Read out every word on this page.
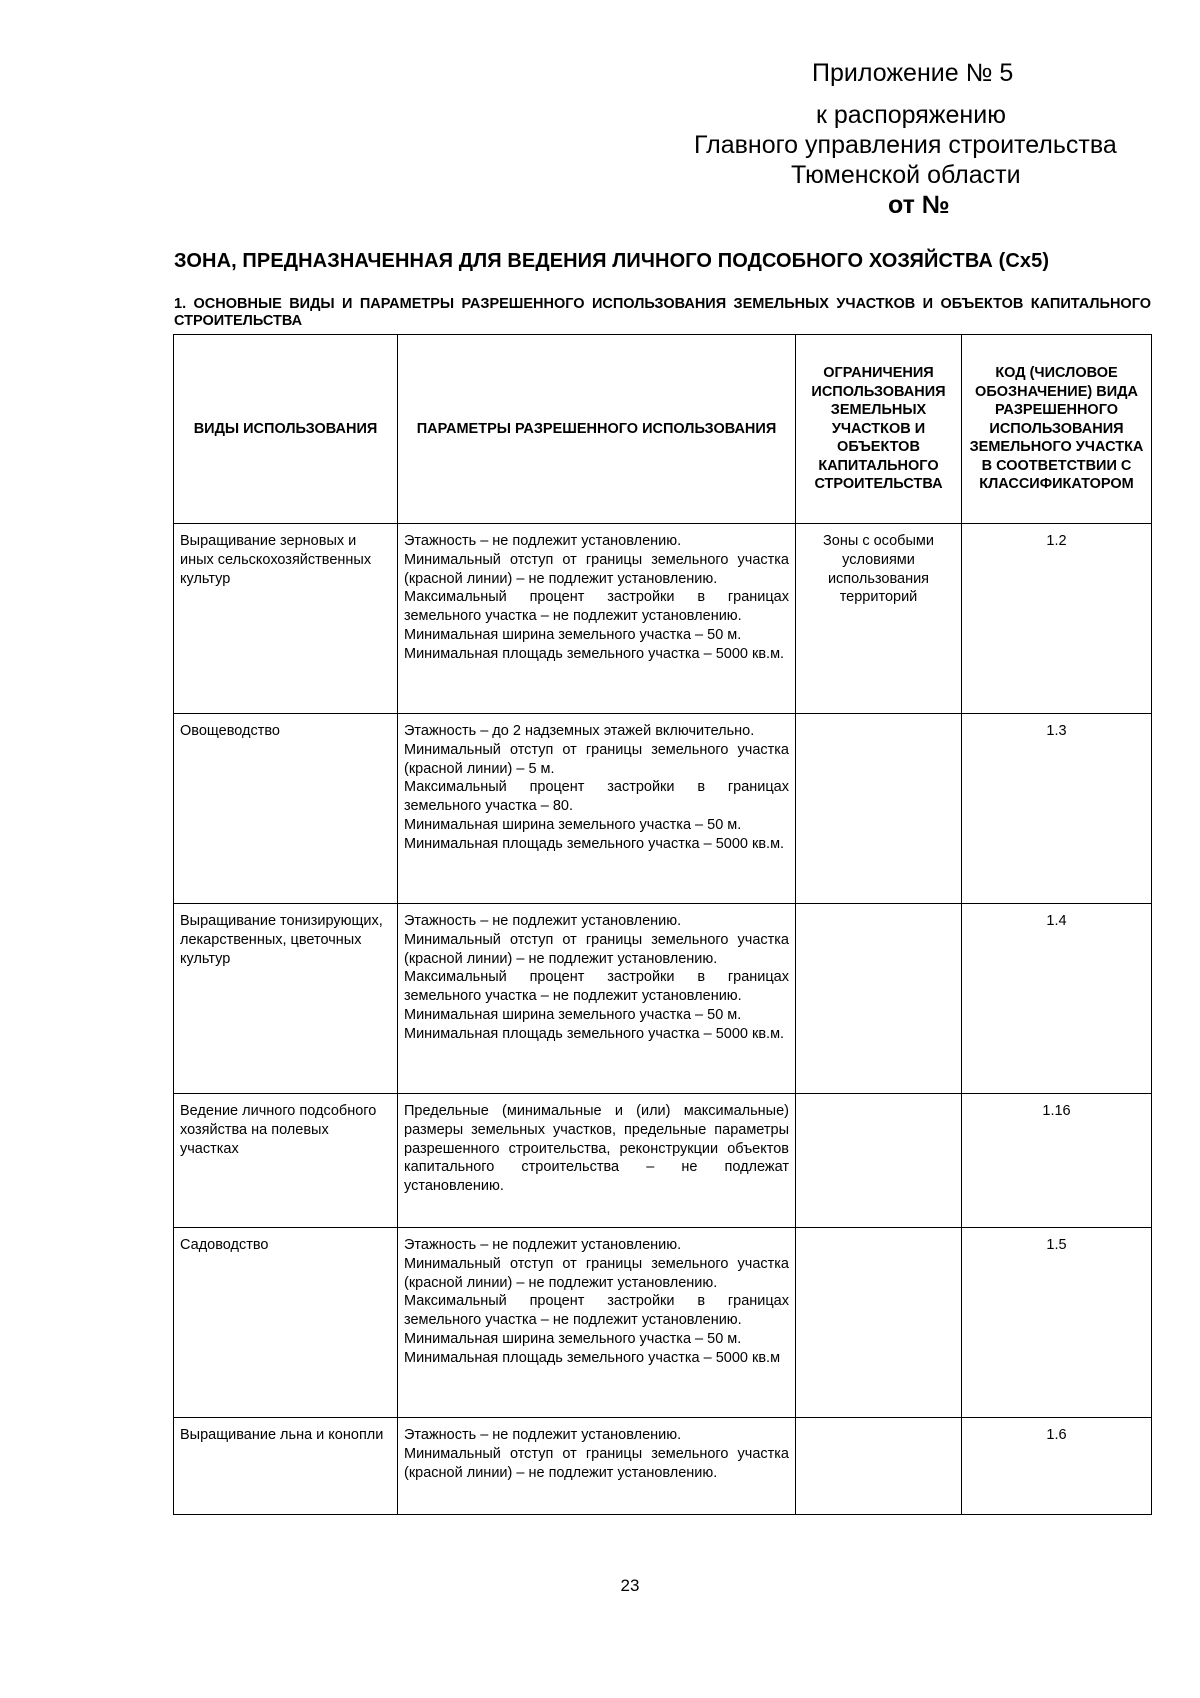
Приложение № 5
к распоряжению
Главного управления строительства
Тюменской области
от №
ЗОНА, ПРЕДНАЗНАЧЕННАЯ ДЛЯ ВЕДЕНИЯ ЛИЧНОГО ПОДСОБНОГО ХОЗЯЙСТВА (Сх5)
1. ОСНОВНЫЕ ВИДЫ И ПАРАМЕТРЫ РАЗРЕШЕННОГО ИСПОЛЬЗОВАНИЯ ЗЕМЕЛЬНЫХ УЧАСТКОВ И ОБЪЕКТОВ КАПИТАЛЬНОГО СТРОИТЕЛЬСТВА
ВИДЫ ИСПОЛЬЗОВАНИЯ	ПАРАМЕТРЫ РАЗРЕШЕННОГО ИСПОЛЬЗОВАНИЯ	ОГРАНИЧЕНИЯ ИСПОЛЬЗОВАНИЯ ЗЕМЕЛЬНЫХ УЧАСТКОВ И ОБЪЕКТОВ КАПИТАЛЬНОГО СТРОИТЕЛЬСТВА	КОД (ЧИСЛОВОЕ ОБОЗНАЧЕНИЕ) ВИДА РАЗРЕШЕННОГО ИСПОЛЬЗОВАНИЯ ЗЕМЕЛЬНОГО УЧАСТКА В СООТВЕТСТВИИ С КЛАССИФИКАТОРОМ
Выращивание зерновых и иных сельскохозяйственных культур	Этажность – не подлежит установлению.
Минимальный отступ от границы земельного участка (красной линии) – не подлежит установлению.
Максимальный процент застройки в границах земельного участка – не подлежит установлению.
Минимальная ширина земельного участка – 50 м.
Минимальная площадь земельного участка – 5000 кв.м.	Зоны с особыми условиями использования территорий	1.2
Овощеводство	Этажность – до 2 надземных этажей включительно.
Минимальный отступ от границы земельного участка (красной линии) – 5 м.
Максимальный процент застройки в границах земельного участка – 80.
Минимальная ширина земельного участка – 50 м.
Минимальная площадь земельного участка – 5000 кв.м.		1.3
Выращивание тонизирующих, лекарственных, цветочных культур	Этажность – не подлежит установлению.
Минимальный отступ от границы земельного участка (красной линии) – не подлежит установлению.
Максимальный процент застройки в границах земельного участка – не подлежит установлению.
Минимальная ширина земельного участка – 50 м.
Минимальная площадь земельного участка – 5000 кв.м.		1.4
Ведение личного подсобного хозяйства на полевых участках	Предельные (минимальные и (или) максимальные) размеры земельных участков, предельные параметры разрешенного строительства, реконструкции объектов капитального строительства – не подлежат установлению.		1.16
Садоводство	Этажность – не подлежит установлению.
Минимальный отступ от границы земельного участка (красной линии) – не подлежит установлению.
Максимальный процент застройки в границах земельного участка – не подлежит установлению.
Минимальная ширина земельного участка – 50 м.
Минимальная площадь земельного участка – 5000 кв.м		1.5
Выращивание льна и конопли	Этажность – не подлежит установлению.
Минимальный отступ от границы земельного участка (красной линии) – не подлежит установлению.		1.6
23
